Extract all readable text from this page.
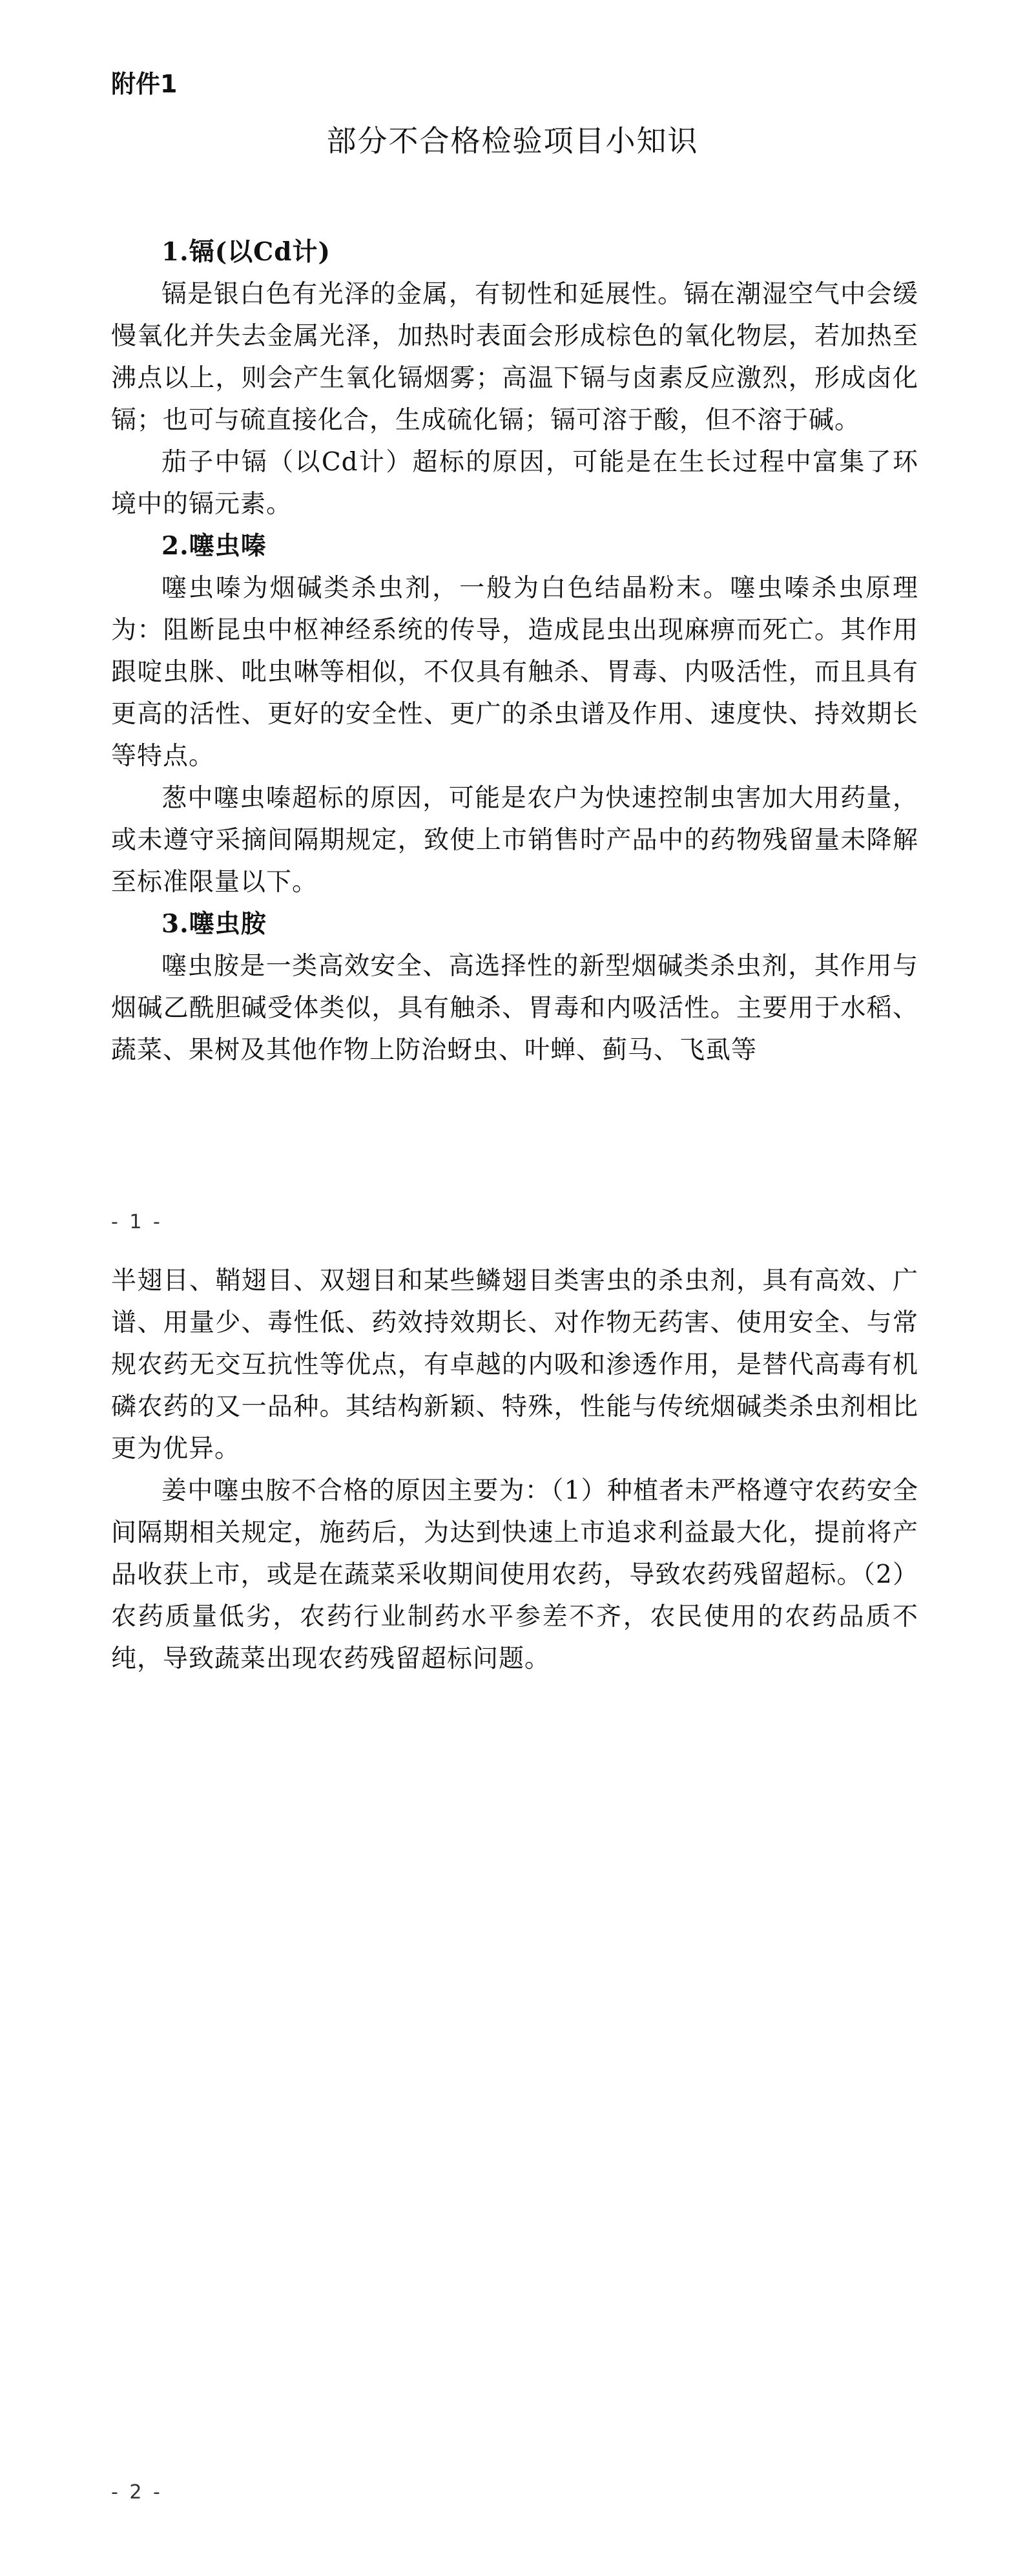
附件1
部分不合格检验项目小知识

1.镉(以Cd计)

镉是银白色有光泽的金属，有韧性和延展性。镉在潮湿空气中会缓慢氧化并失去金属光泽，加热时表面会形成棕色的氧化物层，若加热至沸点以上，则会产生氧化镉烟雾；高温下镉与卤素反应激烈，形成卤化镉；也可与硫直接化合，生成硫化镉；镉可溶于酸，但不溶于碱。

茄子中镉（以Cd计）超标的原因，可能是在生长过程中富集了环境中的镉元素。

2.噻虫嗪

噻虫嗪为烟碱类杀虫剂，一般为白色结晶粉末。噻虫嗪杀虫原理为：阻断昆虫中枢神经系统的传导，造成昆虫出现麻痹而死亡。其作用跟啶虫脒、吡虫啉等相似，不仅具有触杀、胃毒、内吸活性，而且具有更高的活性、更好的安全性、更广的杀虫谱及作用、速度快、持效期长等特点。

葱中噻虫嗪超标的原因，可能是农户为快速控制虫害加大用药量，或未遵守采摘间隔期规定，致使上市销售时产品中的药物残留量未降解至标准限量以下。

3.噻虫胺

噻虫胺是一类高效安全、高选择性的新型烟碱类杀虫剂，其作用与烟碱乙酰胆碱受体类似，具有触杀、胃毒和内吸活性。主要用于水稻、蔬菜、果树及其他作物上防治蚜虫、叶蝉、蓟马、飞虱等

- 1 -

半翅目、鞘翅目、双翅目和某些鳞翅目类害虫的杀虫剂，具有高效、广谱、用量少、毒性低、药效持效期长、对作物无药害、使用安全、与常规农药无交互抗性等优点，有卓越的内吸和渗透作用，是替代高毒有机磷农药的又一品种。其结构新颖、特殊，性能与传统烟碱类杀虫剂相比更为优异。

姜中噻虫胺不合格的原因主要为：（1）种植者未严格遵守农药安全间隔期相关规定，施药后，为达到快速上市追求利益最大化，提前将产品收获上市，或是在蔬菜采收期间使用农药，导致农药残留超标。（2）农药质量低劣，农药行业制药水平参差不齐，农民使用的农药品质不纯，导致蔬菜出现农药残留超标问题。

- 2 -
